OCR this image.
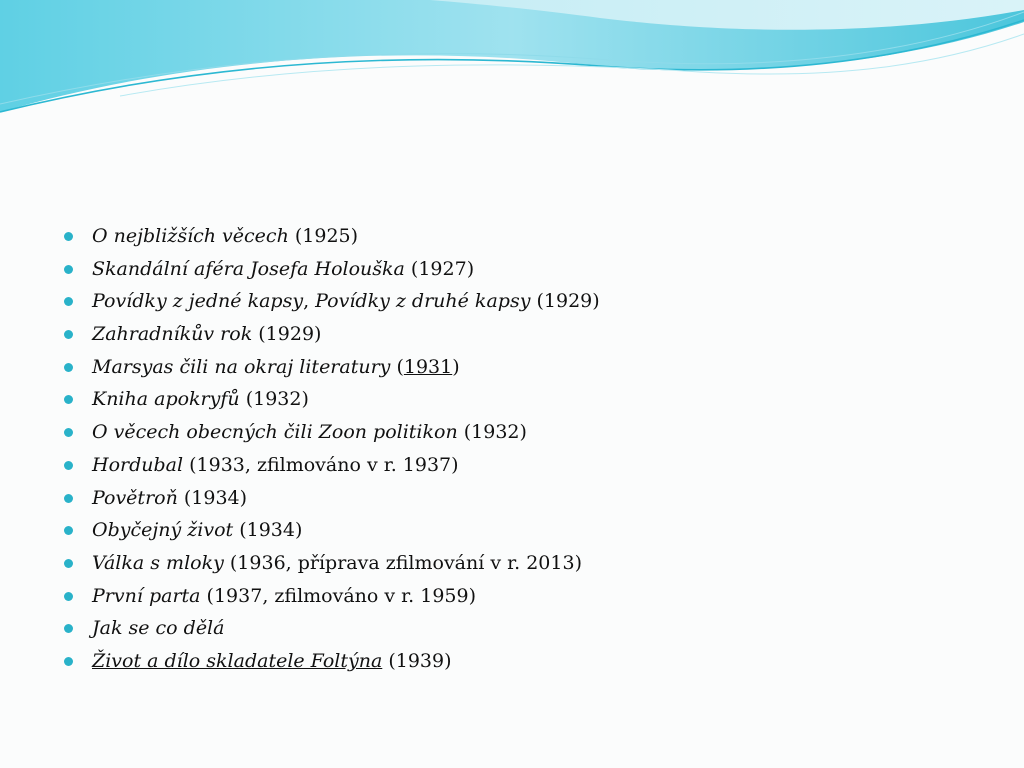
O nejbližších věcech (1925)
Skandální aféra Josefa Holouška (1927)
Povídky z jedné kapsy, Povídky z druhé kapsy (1929)
Zahradníkův rok (1929)
Marsyas čili na okraj literatury (1931)
Kniha apokryfů (1932)
O věcech obecných čili Zoon politikon (1932)
Hordubal (1933, zfilmováno v r. 1937)
Povětroň (1934)
Obyčejný život (1934)
Válka s mloky (1936, příprava zfilmování v r. 2013)
První parta (1937, zfilmováno v r. 1959)
Jak se co dělá
Život a dílo skladatele Foltýna (1939)
